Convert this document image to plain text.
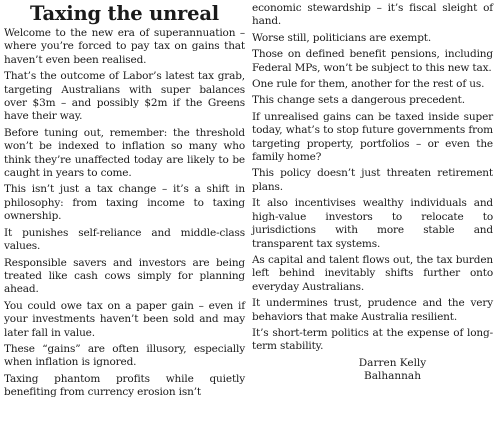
Taxing the unreal

Welcome to the new era of superannuation – where you’re forced to pay tax on gains that haven’t even been realised.

That’s the outcome of Labor’s latest tax grab, targeting Australians with super balances over $3m – and possibly $2m if the Greens have their way.

Before tuning out, remember: the threshold won’t be indexed to inflation so many who think they’re unaffected today are likely to be caught in years to come.

This isn’t just a tax change – it’s a shift in philosophy: from taxing income to taxing ownership.

It punishes self-reliance and middle-class values.

Responsible savers and investors are being treated like cash cows simply for planning ahead.

You could owe tax on a paper gain – even if your investments haven’t been sold and may later fall in value.

These “gains” are often illusory, especially when inflation is ignored.

Taxing phantom profits while quietly benefiting from currency erosion isn’t

economic stewardship – it’s fiscal sleight of hand.

Worse still, politicians are exempt.

Those on defined benefit pensions, including Federal MPs, won’t be subject to this new tax.

One rule for them, another for the rest of us.

This change sets a dangerous precedent.

If unrealised gains can be taxed inside super today, what’s to stop future governments from targeting property, portfolios – or even the family home?

This policy doesn’t just threaten retirement plans.

It also incentivises wealthy individuals and high-value investors to relocate to jurisdictions with more stable and transparent tax systems.

As capital and talent flows out, the tax burden left behind inevitably shifts further onto everyday Australians.

It undermines trust, prudence and the very behaviors that make Australia resilient.

It’s short-term politics at the expense of long-term stability.

Darren Kelly
Balhannah
